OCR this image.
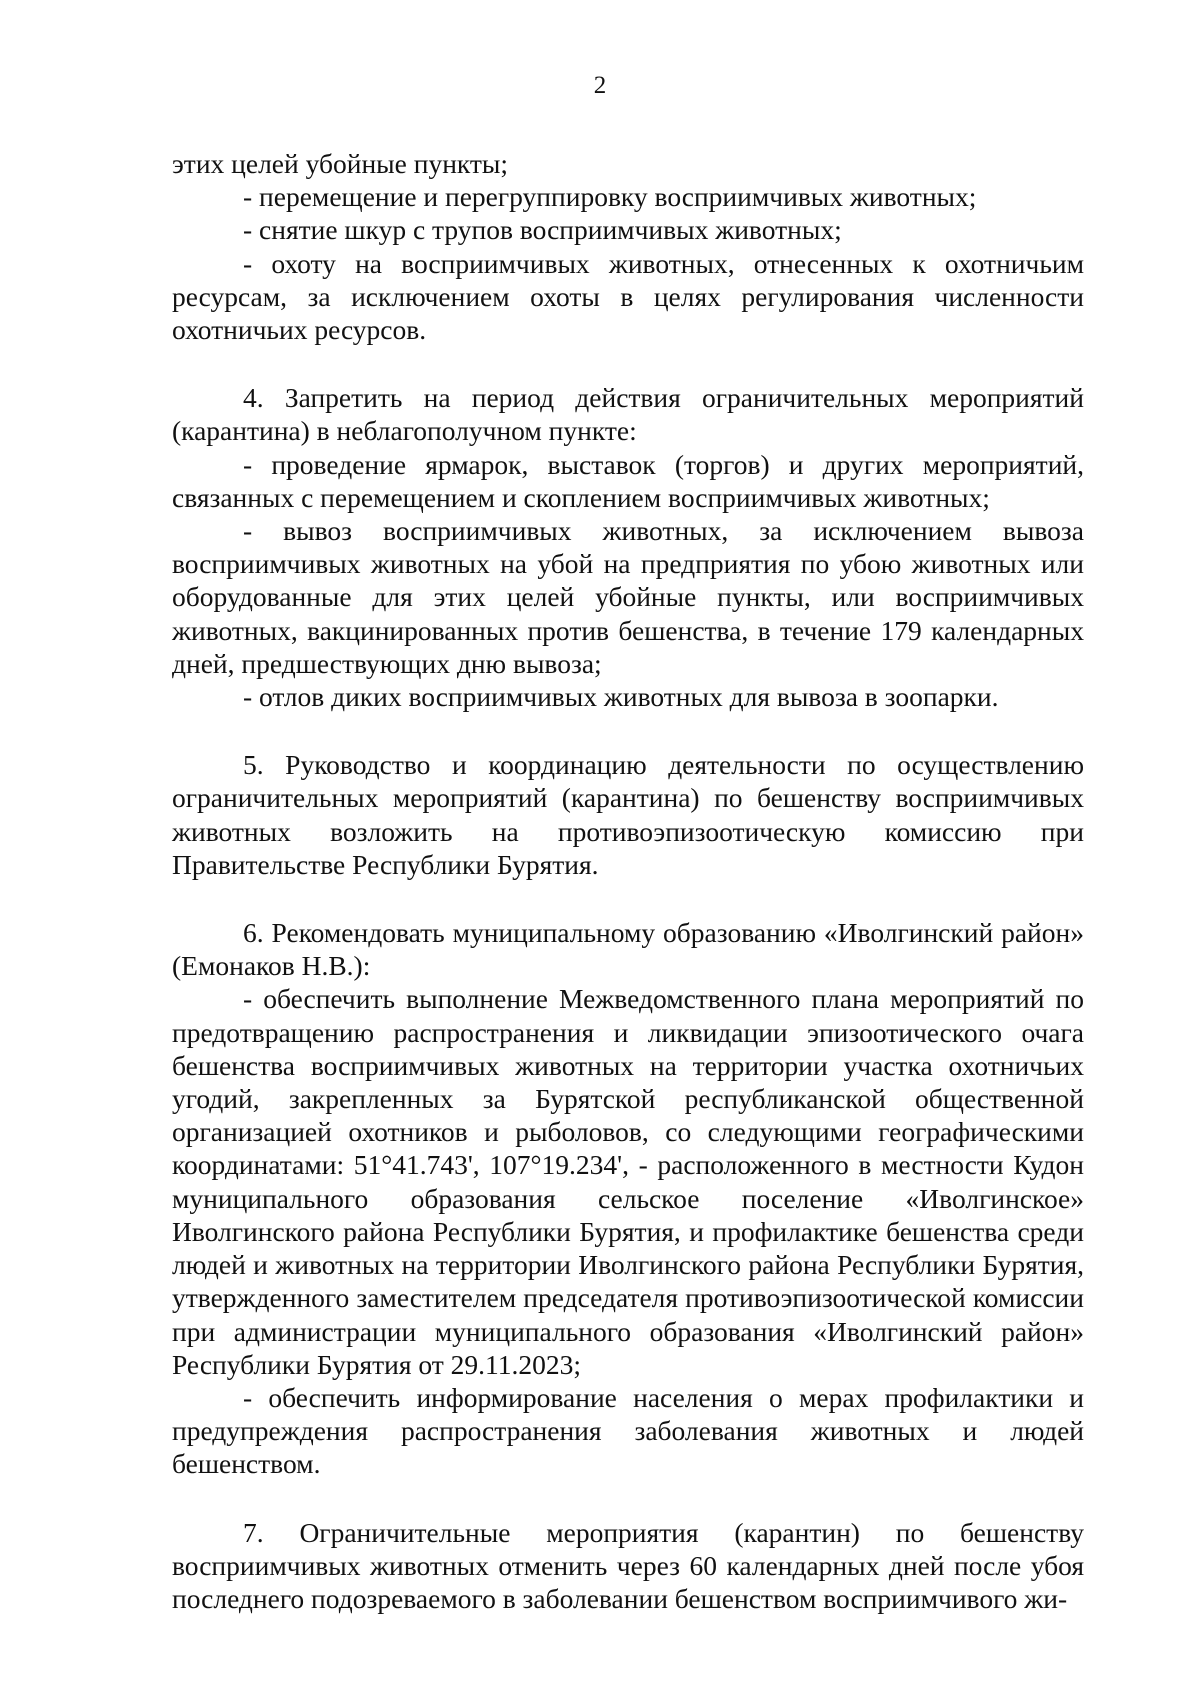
2

этих целей убойные пункты;

- перемещение и перегруппировку восприимчивых животных;

- снятие шкур с трупов восприимчивых животных;

- охоту на восприимчивых животных, отнесенных к охотничьим ресурсам, за исключением охоты в целях регулирования численности охотничьих ресурсов.

4. Запретить на период действия ограничительных мероприятий (карантина) в неблагополучном пункте:

- проведение ярмарок, выставок (торгов) и других мероприятий, связанных с перемещением и скоплением восприимчивых животных;

- вывоз восприимчивых животных, за исключением вывоза восприимчивых животных на убой на предприятия по убою животных или оборудованные для этих целей убойные пункты, или восприимчивых животных, вакцинированных против бешенства, в течение 179 календарных дней, предшествующих дню вывоза;

- отлов диких восприимчивых животных для вывоза в зоопарки.

5. Руководство и координацию деятельности по осуществлению ограничительных мероприятий (карантина) по бешенству восприимчивых животных возложить на противоэпизоотическую комиссию при Правительстве Республики Бурятия.

6. Рекомендовать муниципальному образованию «Иволгинский район» (Емонаков Н.В.):

- обеспечить выполнение Межведомственного плана мероприятий по предотвращению распространения и ликвидации эпизоотического очага бешенства восприимчивых животных на территории участка охотничьих угодий, закрепленных за Бурятской республиканской общественной организацией охотников и рыболовов, со следующими географическими координатами: 51°41.743', 107°19.234', - расположенного в местности Кудон муниципального образования сельское поселение «Иволгинское» Иволгинского района Республики Бурятия, и профилактике бешенства среди людей и животных на территории Иволгинского района Республики Бурятия, утвержденного заместителем председателя противоэпизоотической комиссии при администрации муниципального образования «Иволгинский район» Республики Бурятия от 29.11.2023;

- обеспечить информирование населения о мерах профилактики и предупреждения распространения заболевания животных и людей бешенством.

7. Ограничительные мероприятия (карантин) по бешенству восприимчивых животных отменить через 60 календарных дней после убоя последнего подозреваемого в заболевании бешенством восприимчивого жи-
